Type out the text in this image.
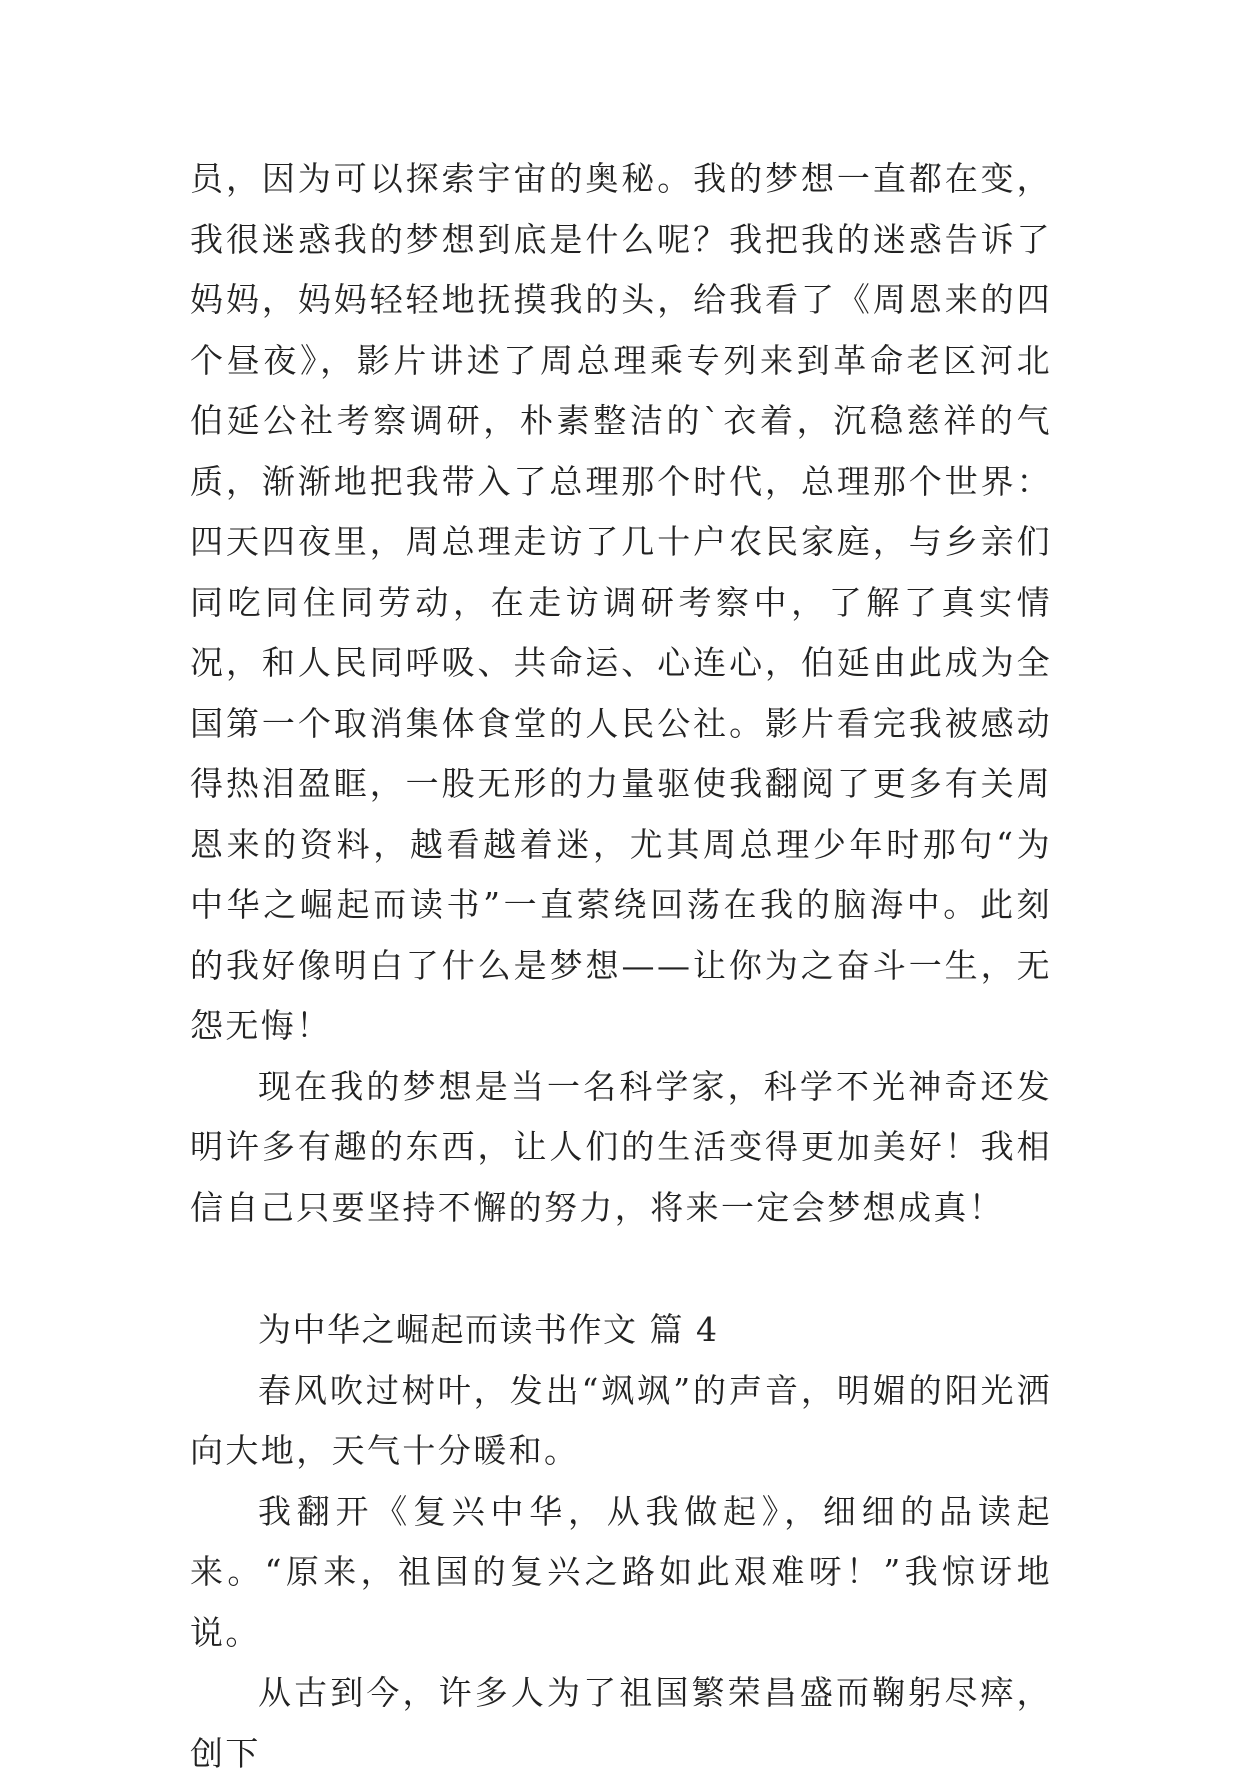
员，因为可以探索宇宙的奥秘。我的梦想一直都在变，我很迷惑我的梦想到底是什么呢？我把我的迷惑告诉了妈妈，妈妈轻轻地抚摸我的头，给我看了《周恩来的四个昼夜》，影片讲述了周总理乘专列来到革命老区河北伯延公社考察调研，朴素整洁的`衣着，沉稳慈祥的气质，渐渐地把我带入了总理那个时代，总理那个世界：四天四夜里，周总理走访了几十户农民家庭，与乡亲们同吃同住同劳动，在走访调研考察中，了解了真实情况，和人民同呼吸、共命运、心连心，伯延由此成为全国第一个取消集体食堂的人民公社。影片看完我被感动得热泪盈眶，一股无形的力量驱使我翻阅了更多有关周恩来的资料，越看越着迷，尤其周总理少年时那句“为中华之崛起而读书”一直萦绕回荡在我的脑海中。此刻的我好像明白了什么是梦想——让你为之奋斗一生，无怨无悔！

现在我的梦想是当一名科学家，科学不光神奇还发明许多有趣的东西，让人们的生活变得更加美好！我相信自己只要坚持不懈的努力，将来一定会梦想成真！

为中华之崛起而读书作文 篇 4

春风吹过树叶，发出“飒飒”的声音，明媚的阳光洒向大地，天气十分暖和。

我翻开《复兴中华，从我做起》，细细的品读起来。“原来，祖国的复兴之路如此艰难呀！”我惊讶地说。

从古到今，许多人为了祖国繁荣昌盛而鞠躬尽瘁，创下
